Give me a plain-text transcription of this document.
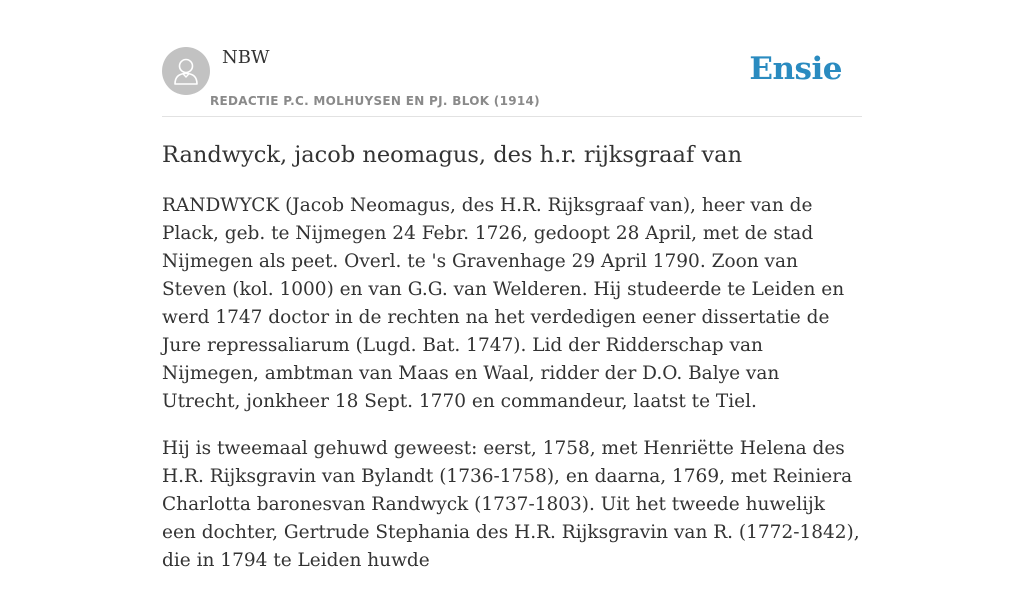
NBW
REDACTIE P.C. MOLHUYSEN EN PJ. BLOK (1914)
Ensie
Randwyck, jacob neomagus, des h.r. rijksgraaf van

RANDWYCK (Jacob Neomagus, des H.R. Rijksgraaf van), heer van de Plack, geb. te Nijmegen 24 Febr. 1726, gedoopt 28 April, met de stad Nijmegen als peet. Overl. te 's Gravenhage 29 April 1790. Zoon van Steven (kol. 1000) en van G.G. van Welderen. Hij studeerde te Leiden en werd 1747 doctor in de rechten na het verdedigen eener dissertatie de Jure repressaliarum (Lugd. Bat. 1747). Lid der Ridderschap van Nijmegen, ambtman van Maas en Waal, ridder der D.O. Balye van Utrecht, jonkheer 18 Sept. 1770 en commandeur, laatst te Tiel.

Hij is tweemaal gehuwd geweest: eerst, 1758, met Henriëtte Helena des H.R. Rijksgravin van Bylandt (1736-1758), en daarna, 1769, met Reiniera Charlotta baronesvan Randwyck (1737-1803). Uit het tweede huwelijk een dochter, Gertrude Stephania des H.R. Rijksgravin van R. (1772-1842), die in 1794 te Leiden huwde
